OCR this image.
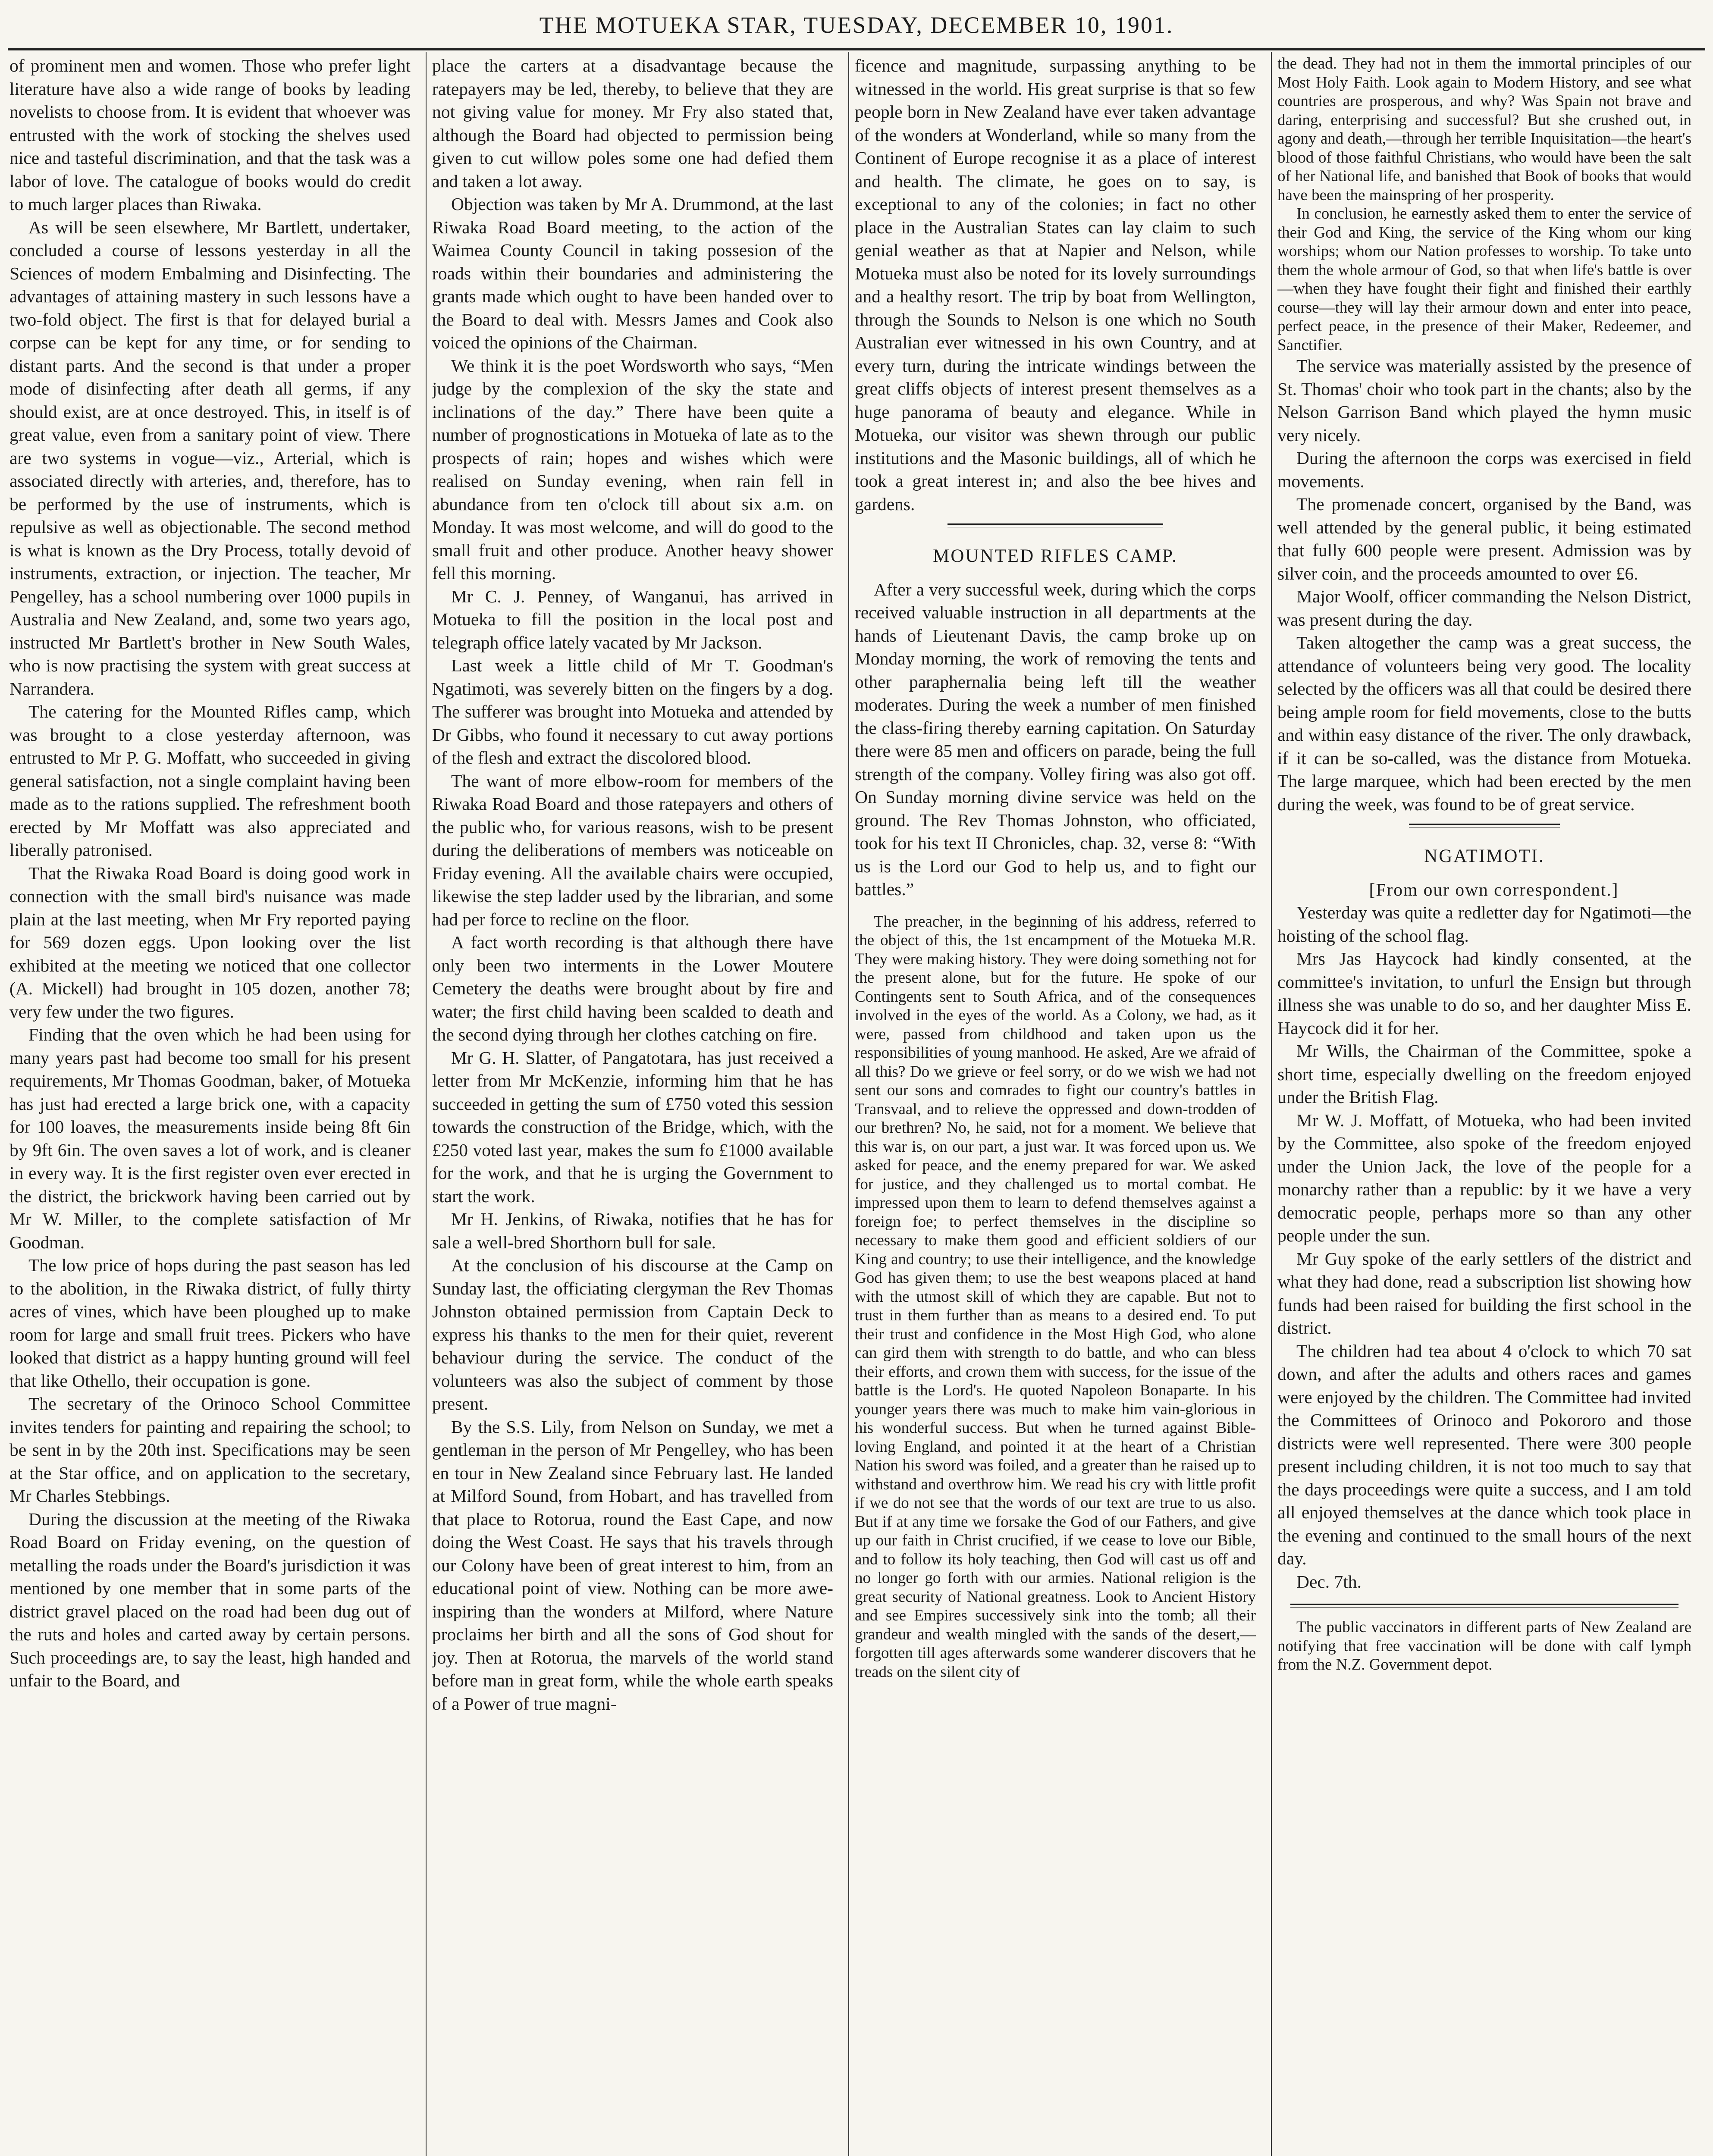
THE MOTUEKA STAR, TUESDAY, DECEMBER 10, 1901.

of prominent men and women. Those who prefer light literature have also a wide range of books by leading novelists to choose from. It is evident that whoever was entrusted with the work of stocking the shelves used nice and tasteful discrimination, and that the task was a labor of love. The catalogue of books would do credit to much larger places than Riwaka.

As will be seen elsewhere, Mr Bartlett, undertaker, concluded a course of lessons yesterday in all the Sciences of modern Embalming and Disinfecting. The advantages of attaining mastery in such lessons have a two-fold object. The first is that for delayed burial a corpse can be kept for any time, or for sending to distant parts. And the second is that under a proper mode of disinfecting after death all germs, if any should exist, are at once destroyed. This, in itself is of great value, even from a sanitary point of view. There are two systems in vogue—viz., Arterial, which is associated directly with arteries, and, therefore, has to be performed by the use of instruments, which is repulsive as well as objectionable. The second method is what is known as the Dry Process, totally devoid of instruments, extraction, or injection. The teacher, Mr Pengelley, has a school numbering over 1000 pupils in Australia and New Zealand, and, some two years ago, instructed Mr Bartlett's brother in New South Wales, who is now practising the system with great success at Narrandera.

The catering for the Mounted Rifles camp, which was brought to a close yesterday afternoon, was entrusted to Mr P. G. Moffatt, who succeeded in giving general satisfaction, not a single complaint having been made as to the rations supplied. The refreshment booth erected by Mr Moffatt was also appreciated and liberally patronised.

That the Riwaka Road Board is doing good work in connection with the small bird's nuisance was made plain at the last meeting, when Mr Fry reported paying for 569 dozen eggs. Upon looking over the list exhibited at the meeting we noticed that one collector (A. Mickell) had brought in 105 dozen, another 78; very few under the two figures.

Finding that the oven which he had been using for many years past had become too small for his present requirements, Mr Thomas Goodman, baker, of Motueka has just had erected a large brick one, with a capacity for 100 loaves, the measurements inside being 8ft 6in by 9ft 6in. The oven saves a lot of work, and is cleaner in every way. It is the first register oven ever erected in the district, the brickwork having been carried out by Mr W. Miller, to the complete satisfaction of Mr Goodman.

The low price of hops during the past season has led to the abolition, in the Riwaka district, of fully thirty acres of vines, which have been ploughed up to make room for large and small fruit trees. Pickers who have looked that district as a happy hunting ground will feel that like Othello, their occupation is gone.

The secretary of the Orinoco School Committee invites tenders for painting and repairing the school; to be sent in by the 20th inst. Specifications may be seen at the Star office, and on application to the secretary, Mr Charles Stebbings.

During the discussion at the meeting of the Riwaka Road Board on Friday evening, on the question of metalling the roads under the Board's jurisdiction it was mentioned by one member that in some parts of the district gravel placed on the road had been dug out of the ruts and holes and carted away by certain persons. Such proceedings are, to say the least, high handed and unfair to the Board, and

place the carters at a disadvantage because the ratepayers may be led, thereby, to believe that they are not giving value for money. Mr Fry also stated that, although the Board had objected to permission being given to cut willow poles some one had defied them and taken a lot away.

Objection was taken by Mr A. Drummond, at the last Riwaka Road Board meeting, to the action of the Waimea County Council in taking possesion of the roads within their boundaries and administering the grants made which ought to have been handed over to the Board to deal with. Messrs James and Cook also voiced the opinions of the Chairman.

We think it is the poet Wordsworth who says, “Men judge by the complexion of the sky the state and inclinations of the day.” There have been quite a number of prognostications in Motueka of late as to the prospects of rain; hopes and wishes which were realised on Sunday evening, when rain fell in abundance from ten o'clock till about six a.m. on Monday. It was most welcome, and will do good to the small fruit and other produce. Another heavy shower fell this morning.

Mr C. J. Penney, of Wanganui, has arrived in Motueka to fill the position in the local post and telegraph office lately vacated by Mr Jackson.

Last week a little child of Mr T. Goodman's Ngatimoti, was severely bitten on the fingers by a dog. The sufferer was brought into Motueka and attended by Dr Gibbs, who found it necessary to cut away portions of the flesh and extract the discolored blood.

The want of more elbow-room for members of the Riwaka Road Board and those ratepayers and others of the public who, for various reasons, wish to be present during the deliberations of members was noticeable on Friday evening. All the available chairs were occupied, likewise the step ladder used by the librarian, and some had per force to recline on the floor.

A fact worth recording is that although there have only been two interments in the Lower Moutere Cemetery the deaths were brought about by fire and water; the first child having been scalded to death and the second dying through her clothes catching on fire.

Mr G. H. Slatter, of Pangatotara, has just received a letter from Mr McKenzie, informing him that he has succeeded in getting the sum of £750 voted this session towards the construction of the Bridge, which, with the £250 voted last year, makes the sum fo £1000 available for the work, and that he is urging the Government to start the work.

Mr H. Jenkins, of Riwaka, notifies that he has for sale a well-bred Shorthorn bull for sale.

At the conclusion of his discourse at the Camp on Sunday last, the officiating clergyman the Rev Thomas Johnston obtained permission from Captain Deck to express his thanks to the men for their quiet, reverent behaviour during the service. The conduct of the volunteers was also the subject of comment by those present.

By the S.S. Lily, from Nelson on Sunday, we met a gentleman in the person of Mr Pengelley, who has been en tour in New Zealand since February last. He landed at Milford Sound, from Hobart, and has travelled from that place to Rotorua, round the East Cape, and now doing the West Coast. He says that his travels through our Colony have been of great interest to him, from an educational point of view. Nothing can be more awe-inspiring than the wonders at Milford, where Nature proclaims her birth and all the sons of God shout for joy. Then at Rotorua, the marvels of the world stand before man in great form, while the whole earth speaks of a Power of true magni-

ficence and magnitude, surpassing anything to be witnessed in the world. His great surprise is that so few people born in New Zealand have ever taken advantage of the wonders at Wonderland, while so many from the Continent of Europe recognise it as a place of interest and health. The climate, he goes on to say, is exceptional to any of the colonies; in fact no other place in the Australian States can lay claim to such genial weather as that at Napier and Nelson, while Motueka must also be noted for its lovely surroundings and a healthy resort. The trip by boat from Wellington, through the Sounds to Nelson is one which no South Australian ever witnessed in his own Country, and at every turn, during the intricate windings between the great cliffs objects of interest present themselves as a huge panorama of beauty and elegance. While in Motueka, our visitor was shewn through our public institutions and the Masonic buildings, all of which he took a great interest in; and also the bee hives and gardens.

MOUNTED RIFLES CAMP.

After a very successful week, during which the corps received valuable instruction in all departments at the hands of Lieutenant Davis, the camp broke up on Monday morning, the work of removing the tents and other paraphernalia being left till the weather moderates. During the week a number of men finished the class-firing thereby earning capitation. On Saturday there were 85 men and officers on parade, being the full strength of the company. Volley firing was also got off. On Sunday morning divine service was held on the ground. The Rev Thomas Johnston, who officiated, took for his text II Chronicles, chap. 32, verse 8: “With us is the Lord our God to help us, and to fight our battles.”

The preacher, in the beginning of his address, referred to the object of this, the 1st encampment of the Motueka M.R. They were making history. They were doing something not for the present alone, but for the future. He spoke of our Contingents sent to South Africa, and of the consequences involved in the eyes of the world. As a Colony, we had, as it were, passed from childhood and taken upon us the responsibilities of young manhood. He asked, Are we afraid of all this? Do we grieve or feel sorry, or do we wish we had not sent our sons and comrades to fight our country's battles in Transvaal, and to relieve the oppressed and down-trodden of our brethren? No, he said, not for a moment. We believe that this war is, on our part, a just war. It was forced upon us. We asked for peace, and the enemy prepared for war. We asked for justice, and they challenged us to mortal combat. He impressed upon them to learn to defend themselves against a foreign foe; to perfect themselves in the discipline so necessary to make them good and efficient soldiers of our King and country; to use their intelligence, and the knowledge God has given them; to use the best weapons placed at hand with the utmost skill of which they are capable. But not to trust in them further than as means to a desired end. To put their trust and confidence in the Most High God, who alone can gird them with strength to do battle, and who can bless their efforts, and crown them with success, for the issue of the battle is the Lord's. He quoted Napoleon Bonaparte. In his younger years there was much to make him vain-glorious in his wonderful success. But when he turned against Bible-loving England, and pointed it at the heart of a Christian Nation his sword was foiled, and a greater than he raised up to withstand and overthrow him. We read his cry with little profit if we do not see that the words of our text are true to us also. But if at any time we forsake the God of our Fathers, and give up our faith in Christ crucified, if we cease to love our Bible, and to follow its holy teaching, then God will cast us off and no longer go forth with our armies. National religion is the great security of National greatness. Look to Ancient History and see Empires successively sink into the tomb; all their grandeur and wealth mingled with the sands of the desert,—forgotten till ages afterwards some wanderer discovers that he treads on the silent city of

the dead. They had not in them the immortal principles of our Most Holy Faith. Look again to Modern History, and see what countries are prosperous, and why? Was Spain not brave and daring, enterprising and successful? But she crushed out, in agony and death,—through her terrible Inquisitation—the heart's blood of those faithful Christians, who would have been the salt of her National life, and banished that Book of books that would have been the mainspring of her prosperity.

In conclusion, he earnestly asked them to enter the service of their God and King, the service of the King whom our king worships; whom our Nation professes to worship. To take unto them the whole armour of God, so that when life's battle is over—when they have fought their fight and finished their earthly course—they will lay their armour down and enter into peace, perfect peace, in the presence of their Maker, Redeemer, and Sanctifier.

The service was materially assisted by the presence of St. Thomas' choir who took part in the chants; also by the Nelson Garrison Band which played the hymn music very nicely.

During the afternoon the corps was exercised in field movements.

The promenade concert, organised by the Band, was well attended by the general public, it being estimated that fully 600 people were present. Admission was by silver coin, and the proceeds amounted to over £6.

Major Woolf, officer commanding the Nelson District, was present during the day.

Taken altogether the camp was a great success, the attendance of volunteers being very good. The locality selected by the officers was all that could be desired there being ample room for field movements, close to the butts and within easy distance of the river. The only drawback, if it can be so-called, was the distance from Motueka. The large marquee, which had been erected by the men during the week, was found to be of great service.

NGATIMOTI.

[From our own correspondent.]

Yesterday was quite a redletter day for Ngatimoti—the hoisting of the school flag.

Mrs Jas Haycock had kindly consented, at the committee's invitation, to unfurl the Ensign but through illness she was unable to do so, and her daughter Miss E. Haycock did it for her.

Mr Wills, the Chairman of the Committee, spoke a short time, especially dwelling on the freedom enjoyed under the British Flag.

Mr W. J. Moffatt, of Motueka, who had been invited by the Committee, also spoke of the freedom enjoyed under the Union Jack, the love of the people for a monarchy rather than a republic: by it we have a very democratic people, perhaps more so than any other people under the sun.

Mr Guy spoke of the early settlers of the district and what they had done, read a subscription list showing how funds had been raised for building the first school in the district.

The children had tea about 4 o'clock to which 70 sat down, and after the adults and others races and games were enjoyed by the children. The Committee had invited the Committees of Orinoco and Pokororo and those districts were well represented. There were 300 people present including children, it is not too much to say that the days proceedings were quite a success, and I am told all enjoyed themselves at the dance which took place in the evening and continued to the small hours of the next day.

Dec. 7th.

The public vaccinators in different parts of New Zealand are notifying that free vaccination will be done with calf lymph from the N.Z. Government depot.
